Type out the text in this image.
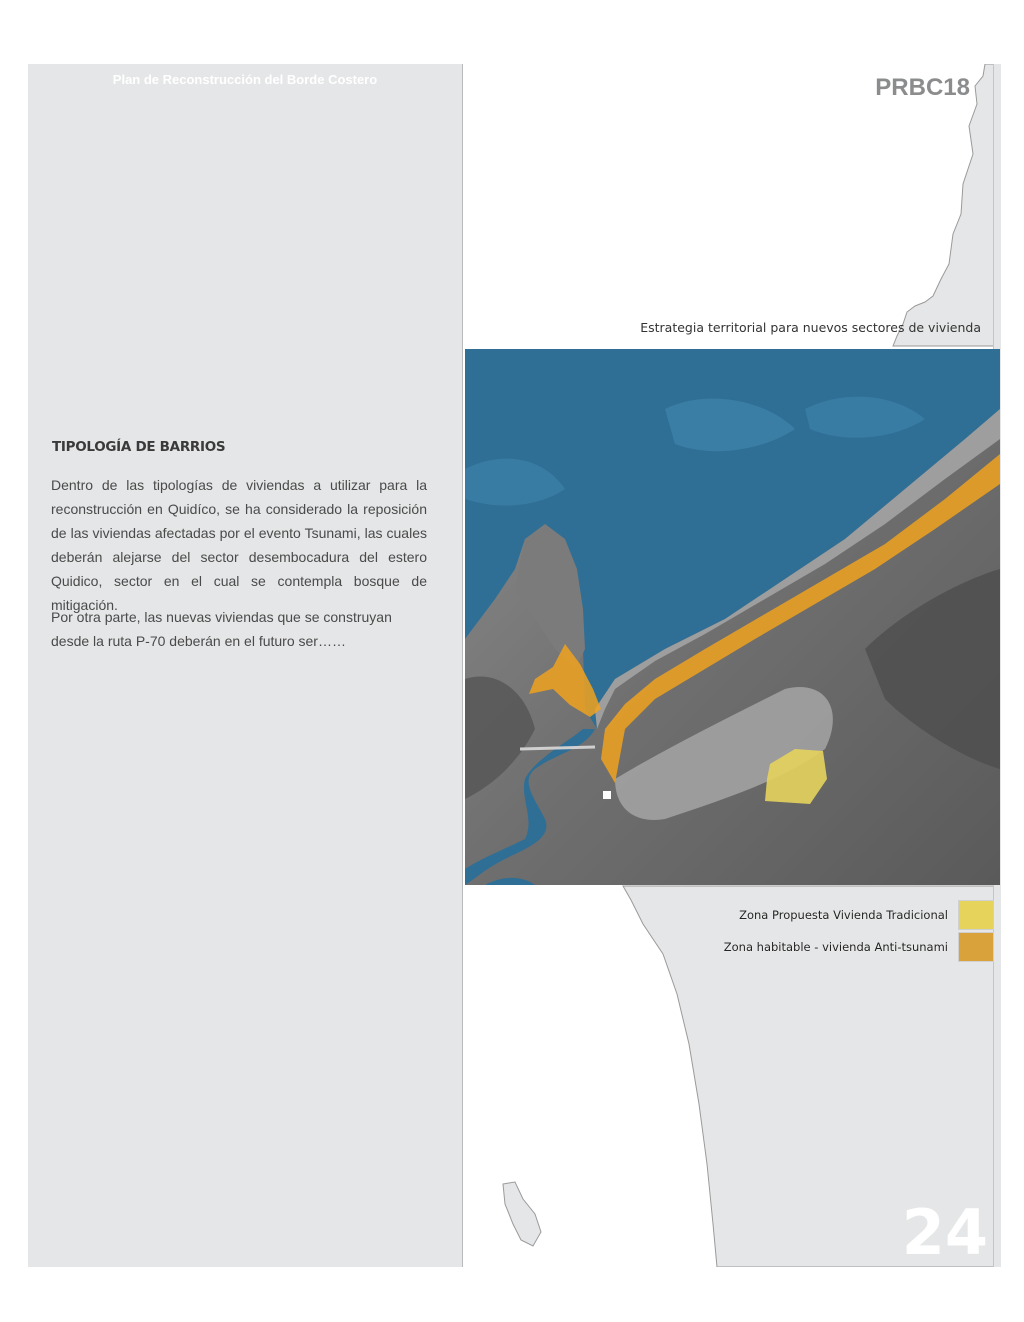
Plan de Reconstrucción del Borde Costero	PRBC18
Estrategia territorial para nuevos sectores de vivienda
TIPOLOGÍA DE BARRIOS
Dentro de las tipologías de viviendas a utilizar para la reconstrucción en Quidíco, se ha considerado la reposición de las viviendas afectadas por el evento Tsunami, las cuales deberán alejarse del sector desembocadura del estero Quidico, sector en el cual se contempla bosque de mitigación.
Por otra parte, las nuevas viviendas que se construyan desde la ruta P-70 deberán en el futuro ser……
Zona Propuesta Vivienda Tradicional
Zona habitable - vivienda Anti-tsunami
24
